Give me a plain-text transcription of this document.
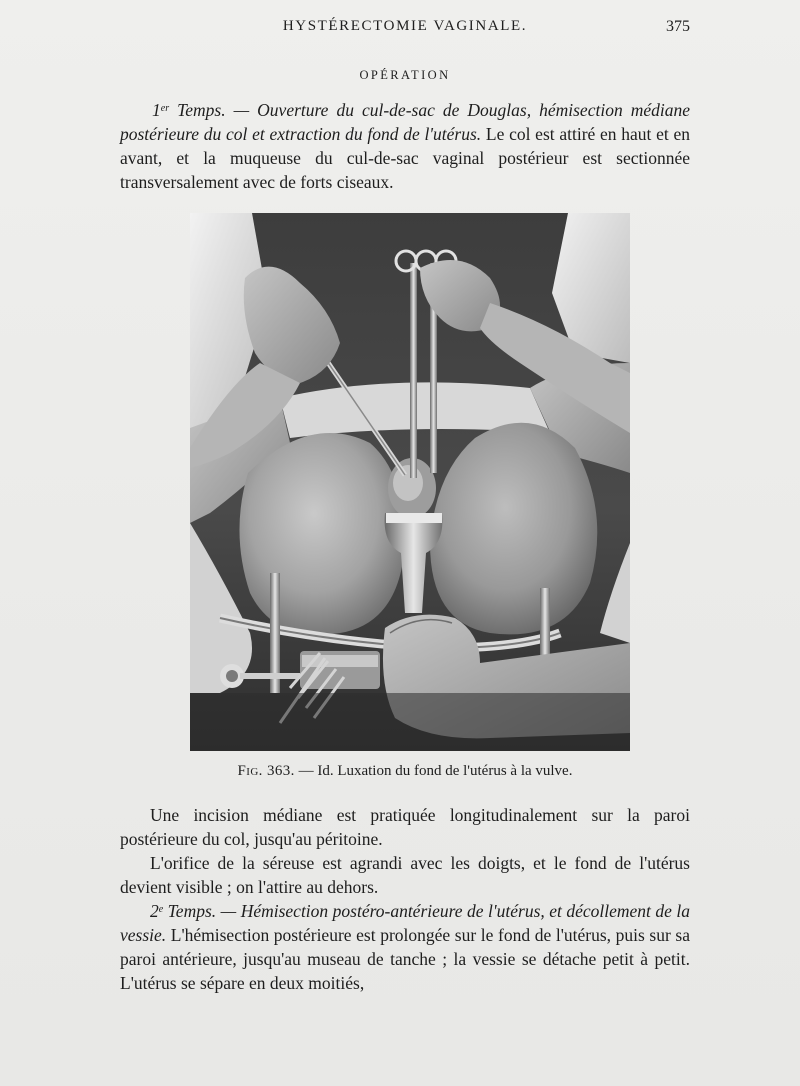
HYSTÉRECTOMIE VAGINALE.	375
OPÉRATION

1er Temps. — Ouverture du cul-de-sac de Douglas, hémisection médiane postérieure du col et extraction du fond de l'utérus. Le col est attiré en haut et en avant, et la muqueuse du cul-de-sac vaginal postérieur est sectionnée transversalement avec de forts ciseaux.

Fig. 363. — Id. Luxation du fond de l'utérus à la vulve.

Une incision médiane est pratiquée longitudinalement sur la paroi postérieure du col, jusqu'au péritoine.

L'orifice de la séreuse est agrandi avec les doigts, et le fond de l'utérus devient visible ; on l'attire au dehors.

2e Temps. — Hémisection postéro-antérieure de l'utérus, et décollement de la vessie. L'hémisection postérieure est prolongée sur le fond de l'utérus, puis sur sa paroi antérieure, jusqu'au museau de tanche ; la vessie se détache petit à petit. L'utérus se sépare en deux moitiés,
